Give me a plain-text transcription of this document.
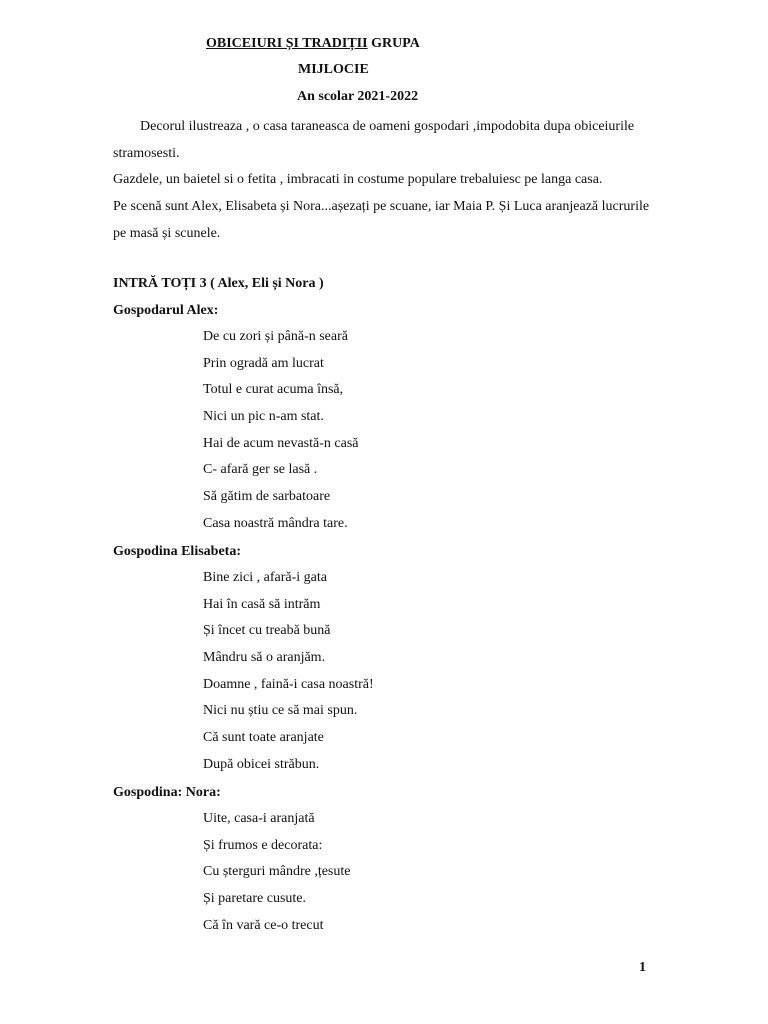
OBICEIURI ȘI TRADIȚII GRUPA
MIJLOCIE
An scolar 2021-2022

Decorul ilustreaza , o casa taraneasca de oameni gospodari ,impodobita dupa obiceiurile stramosesti.

Gazdele, un baietel si o fetita , imbracati in costume populare trebaluiesc pe langa casa.

Pe scenă sunt Alex, Elisabeta și Nora...așezați pe scuane, iar Maia P. Și Luca aranjează lucrurile pe masă și scunele.

INTRĂ TOȚI 3 ( Alex, Eli și Nora )
Gospodarul Alex:
De cu zori și până-n seară
Prin ogradă am lucrat
Totul e curat acuma însă,
Nici un pic n-am stat.
Hai de acum nevastă-n casă
C- afară ger se lasă .
Să gătim de sarbatoare
Casa noastră mândra tare.
Gospodina Elisabeta:
Bine zici , afară-i gata
Hai în casă să intrăm
Și încet cu treabă bună
Mândru să o aranjăm.
Doamne , faină-i casa noastră!
Nici nu știu ce să mai spun.
Că sunt toate aranjate
După obicei străbun.
Gospodina: Nora:
Uite, casa-i aranjată
Și frumos e decorata:
Cu șterguri mândre ,țesute
Și paretare cusute.
Că în vară ce-o trecut
1
